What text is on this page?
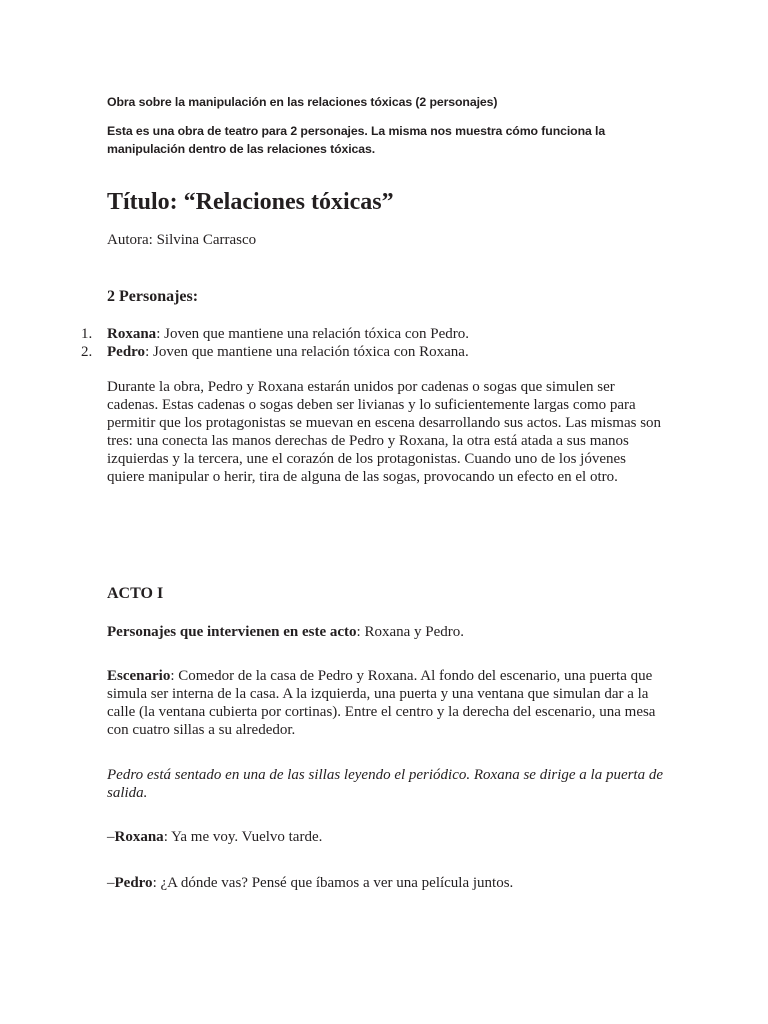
Obra sobre la manipulación en las relaciones tóxicas (2 personajes)
Esta es una obra de teatro para 2 personajes. La misma nos muestra cómo funciona la manipulación dentro de las relaciones tóxicas.
Título: “Relaciones tóxicas”
Autora: Silvina Carrasco
2 Personajes:
1. Roxana: Joven que mantiene una relación tóxica con Pedro.
2. Pedro: Joven que mantiene una relación tóxica con Roxana.
Durante la obra, Pedro y Roxana estarán unidos por cadenas o sogas que simulen ser cadenas. Estas cadenas o sogas deben ser livianas y lo suficientemente largas como para permitir que los protagonistas se muevan en escena desarrollando sus actos. Las mismas son tres: una conecta las manos derechas de Pedro y Roxana, la otra está atada a sus manos izquierdas y la tercera, une el corazón de los protagonistas. Cuando uno de los jóvenes quiere manipular o herir, tira de alguna de las sogas, provocando un efecto en el otro.
ACTO I
Personajes que intervienen en este acto: Roxana y Pedro.
Escenario: Comedor de la casa de Pedro y Roxana. Al fondo del escenario, una puerta que simula ser interna de la casa. A la izquierda, una puerta y una ventana que simulan dar a la calle (la ventana cubierta por cortinas). Entre el centro y la derecha del escenario, una mesa con cuatro sillas a su alrededor.
Pedro está sentado en una de las sillas leyendo el periódico. Roxana se dirige a la puerta de salida.
–Roxana: Ya me voy. Vuelvo tarde.
–Pedro: ¿A dónde vas? Pensé que íbamos a ver una película juntos.
